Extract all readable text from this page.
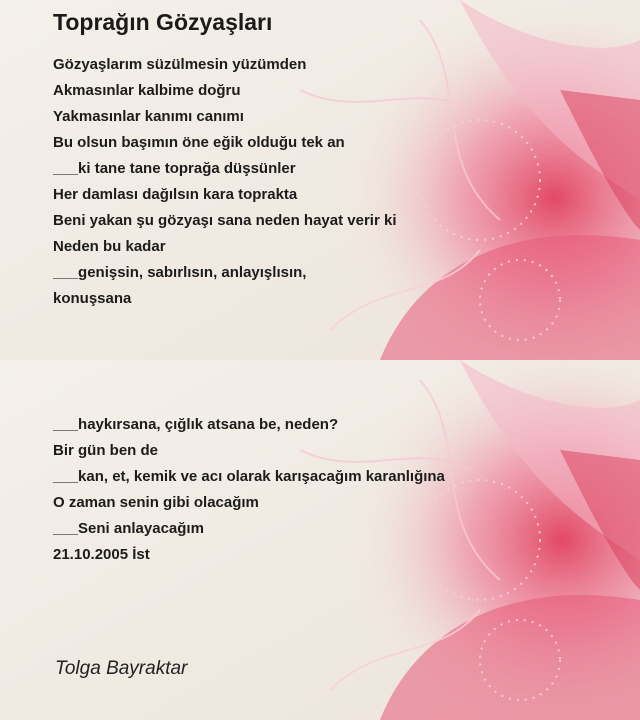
Toprağın Gözyaşları
Gözyaşlarım süzülmesin yüzümden
Akmasınlar kalbime doğru
Yakmasınlar kanımı canımı
Bu olsun başımın öne eğik olduğu tek an
___ki tane tane toprağa düşsünler
Her damlası dağılsın kara toprakta
Beni yakan şu gözyaşı sana neden hayat verir ki
Neden bu kadar
___genişsin, sabırlısın, anlayışlısın,
konuşsana
___haykırsana, çığlık atsana be, neden?
Bir gün ben de
___kan, et, kemik ve acı olarak karışacağım karanlığına
O zaman senin gibi olacağım
___Seni anlayacağım
21.10.2005 İst
Tolga Bayraktar
